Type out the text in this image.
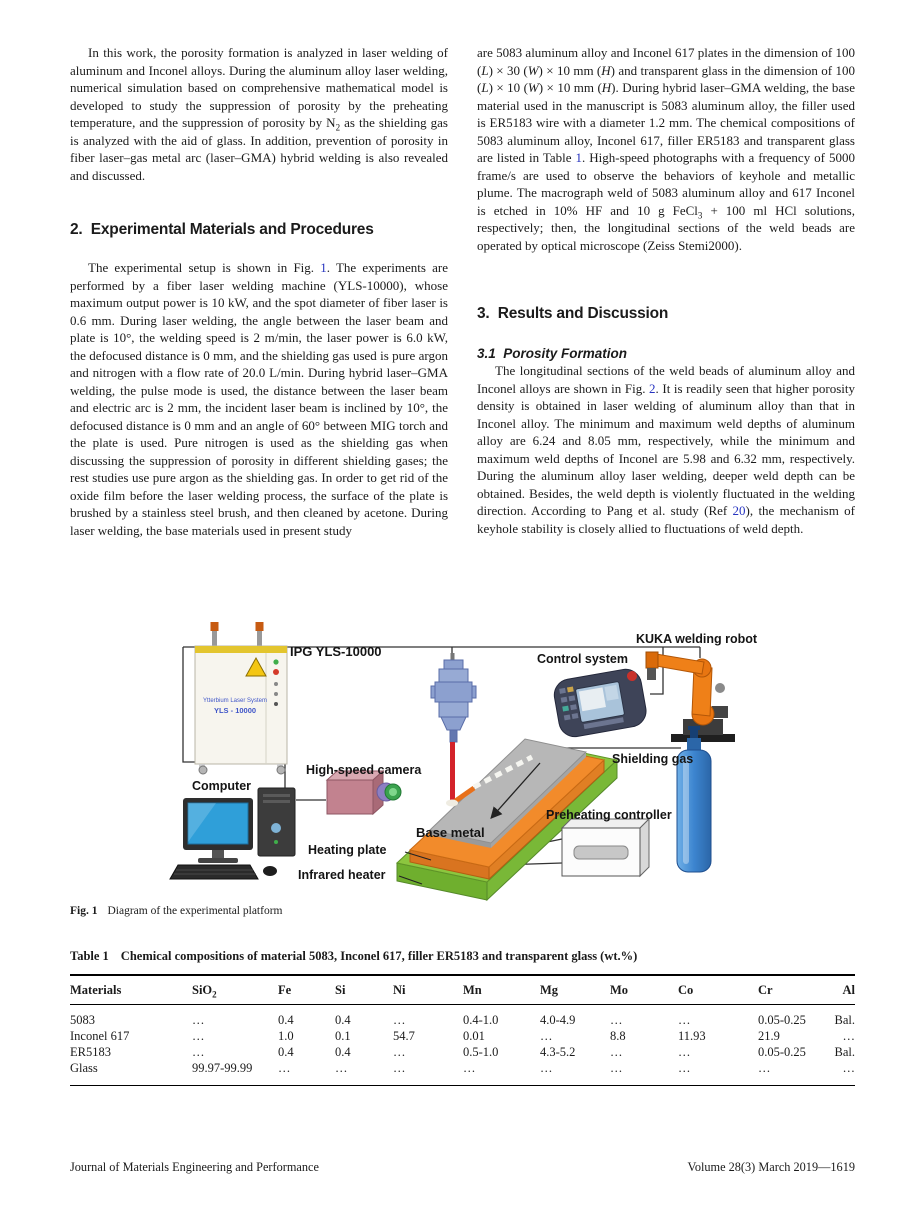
In this work, the porosity formation is analyzed in laser welding of aluminum and Inconel alloys. During the aluminum alloy laser welding, numerical simulation based on comprehensive mathematical model is developed to study the suppression of porosity by the preheating temperature, and the suppression of porosity by $N_2$ as the shielding gas is analyzed with the aid of glass. In addition, prevention of porosity in fiber laser–gas metal arc (laser–GMA) hybrid welding is also revealed and discussed.

2.  Experimental Materials and Procedures

The experimental setup is shown in Fig. 1. The experiments are performed by a fiber laser welding machine (YLS-10000), whose maximum output power is 10 kW, and the spot diameter of fiber laser is 0.6 mm. During laser welding, the angle between the laser beam and plate is 10°, the welding speed is 2 m/min, the laser power is 6.0 kW, the defocused distance is 0 mm, and the shielding gas used is pure argon and nitrogen with a flow rate of 20.0 L/min. During hybrid laser–GMA welding, the pulse mode is used, the distance between the laser beam and electric arc is 2 mm, the incident laser beam is inclined by 10°, the defocused distance is 0 mm and an angle of 60° between MIG torch and the plate is used. Pure nitrogen is used as the shielding gas when discussing the suppression of porosity in different shielding gases; the rest studies use pure argon as the shielding gas. In order to get rid of the oxide film before the laser welding process, the surface of the plate is brushed by a stainless steel brush, and then cleaned by acetone. During laser welding, the base materials used in present study

are 5083 aluminum alloy and Inconel 617 plates in the dimension of 100 (L) × 30 (W) × 10 mm (H) and transparent glass in the dimension of 100 (L) × 10 (W) × 10 mm (H). During hybrid laser–GMA welding, the base material used in the manuscript is 5083 aluminum alloy, the filler used is ER5183 wire with a diameter 1.2 mm. The chemical compositions of 5083 aluminum alloy, Inconel 617, filler ER5183 and transparent glass are listed in Table 1. High-speed photographs with a frequency of 5000 frame/s are used to observe the behaviors of keyhole and metallic plume. The macrograph weld of 5083 aluminum alloy and 617 Inconel is etched in 10% HF and 10 g FeCl$_3$ + 100 ml HCl solutions, respectively; then, the longitudinal sections of the weld beads are operated by optical microscope (Zeiss Stemi2000).

3.  Results and Discussion
3.1  Porosity Formation

The longitudinal sections of the weld beads of aluminum alloy and Inconel alloys are shown in Fig. 2. It is readily seen that higher porosity density is obtained in laser welding of aluminum alloy than that in Inconel alloy. The minimum and maximum weld depths of aluminum alloy are 6.24 and 8.05 mm, respectively, while the minimum and maximum weld depths of Inconel are 5.98 and 6.32 mm, respectively. During the aluminum alloy laser welding, deeper weld depth can be obtained. Besides, the weld depth is violently fluctuated in the welding direction. According to Pang et al. study (Ref 20), the mechanism of keyhole stability is closely allied to fluctuations of weld depth.

IPG YLS-10000	Control system
KUKA welding robot
High-speed camera
Computer
Shielding gas
Preheating controller
Base metal
Heating plate
Infrared heater
Ytterbium Laser System
YLS - 10000
Fig. 1 Diagram of the experimental platform

Table 1 Chemical compositions of material 5083, Inconel 617, filler ER5183 and transparent glass (wt.%)

Materials	SiO$_2$	Fe	Si	Ni	Mn	Mg	Mo	Co	Cr	Al
5083	…	0.4	0.4	…	0.4-1.0	4.0-4.9	…	…	0.05-0.25	Bal.
Inconel 617	…	1.0	0.1	54.7	0.01	…	8.8	11.93	21.9	…
ER5183	…	0.4	0.4	…	0.5-1.0	4.3-5.2	…	…	0.05-0.25	Bal.
Glass	99.97-99.99	…	…	…	…	…	…	…	…	…
Journal of Materials Engineering and Performance	Volume 28(3) March 2019—1619
